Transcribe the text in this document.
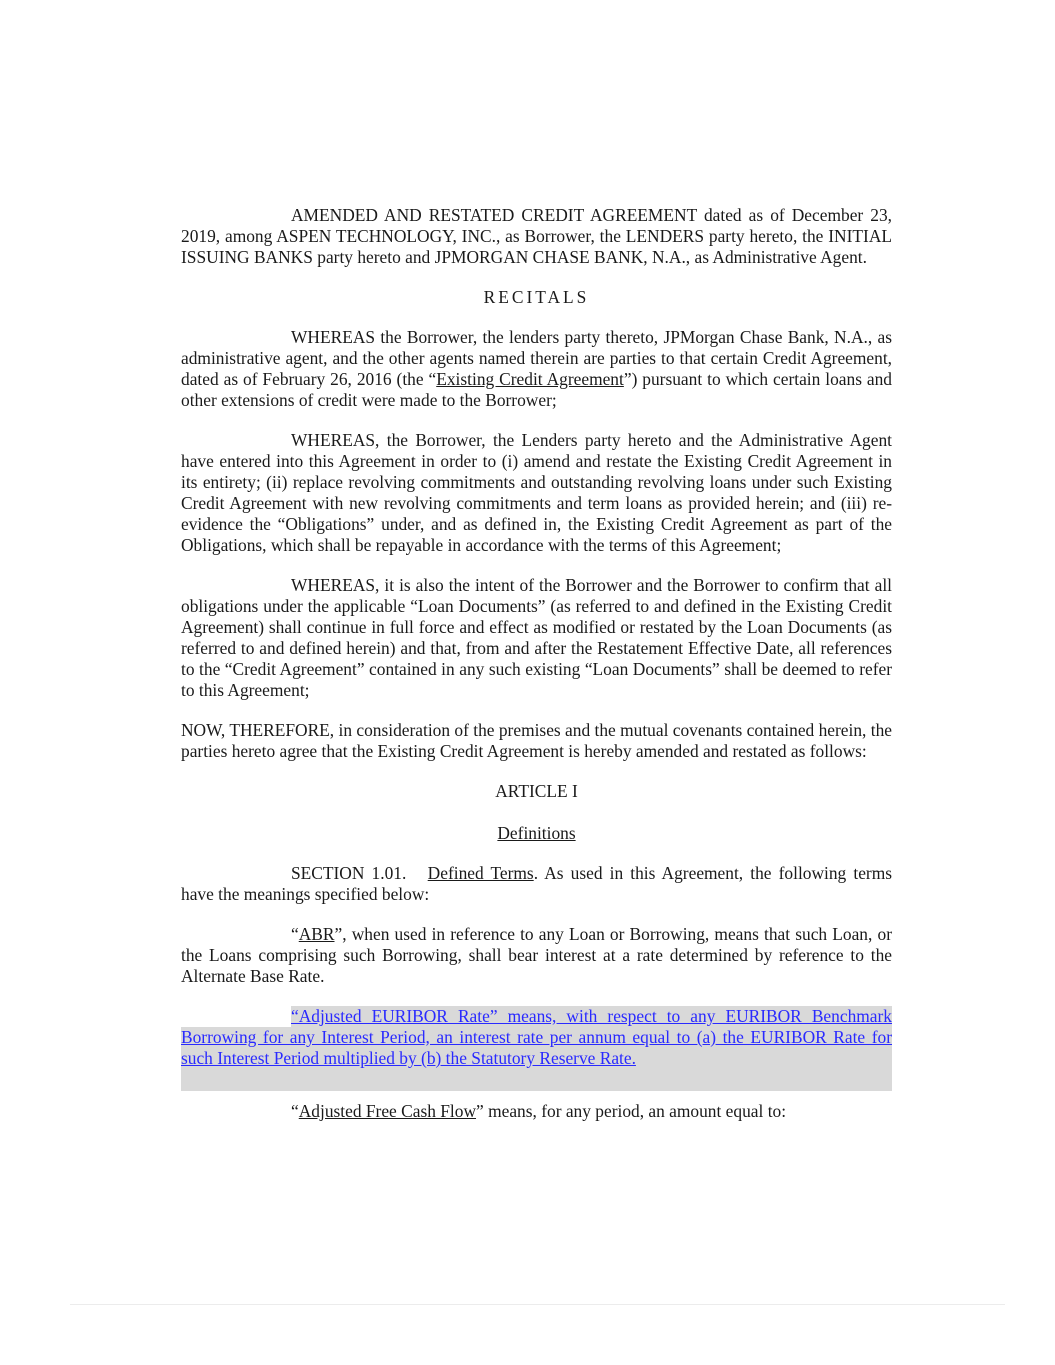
AMENDED AND RESTATED CREDIT AGREEMENT dated as of December 23, 2019, among ASPEN TECHNOLOGY, INC., as Borrower, the LENDERS party hereto, the INITIAL ISSUING BANKS party hereto and JPMORGAN CHASE BANK, N.A., as Administrative Agent.

RECITALS

WHEREAS the Borrower, the lenders party thereto, JPMorgan Chase Bank, N.A., as administrative agent, and the other agents named therein are parties to that certain Credit Agreement, dated as of February 26, 2016 (the “Existing Credit Agreement”) pursuant to which certain loans and other extensions of credit were made to the Borrower;

WHEREAS, the Borrower, the Lenders party hereto and the Administrative Agent have entered into this Agreement in order to (i) amend and restate the Existing Credit Agreement in its entirety; (ii) replace revolving commitments and outstanding revolving loans under such Existing Credit Agreement with new revolving commitments and term loans as provided herein; and (iii) re-evidence the “Obligations” under, and as defined in, the Existing Credit Agreement as part of the Obligations, which shall be repayable in accordance with the terms of this Agreement;

WHEREAS, it is also the intent of the Borrower and the Borrower to confirm that all obligations under the applicable “Loan Documents” (as referred to and defined in the Existing Credit Agreement) shall continue in full force and effect as modified or restated by the Loan Documents (as referred to and defined herein) and that, from and after the Restatement Effective Date, all references to the “Credit Agreement” contained in any such existing “Loan Documents” shall be deemed to refer to this Agreement;

NOW, THEREFORE, in consideration of the premises and the mutual covenants contained herein, the parties hereto agree that the Existing Credit Agreement is hereby amended and restated as follows:

ARTICLE I

Definitions

SECTION 1.01. Defined Terms. As used in this Agreement, the following terms have the meanings specified below:

“ABR”, when used in reference to any Loan or Borrowing, means that such Loan, or the Loans comprising such Borrowing, shall bear interest at a rate determined by reference to the Alternate Base Rate.

“Adjusted EURIBOR Rate” means, with respect to any EURIBOR Benchmark Borrowing for any Interest Period, an interest rate per annum equal to (a) the EURIBOR Rate for such Interest Period multiplied by (b) the Statutory Reserve Rate.

“Adjusted Free Cash Flow” means, for any period, an amount equal to:
